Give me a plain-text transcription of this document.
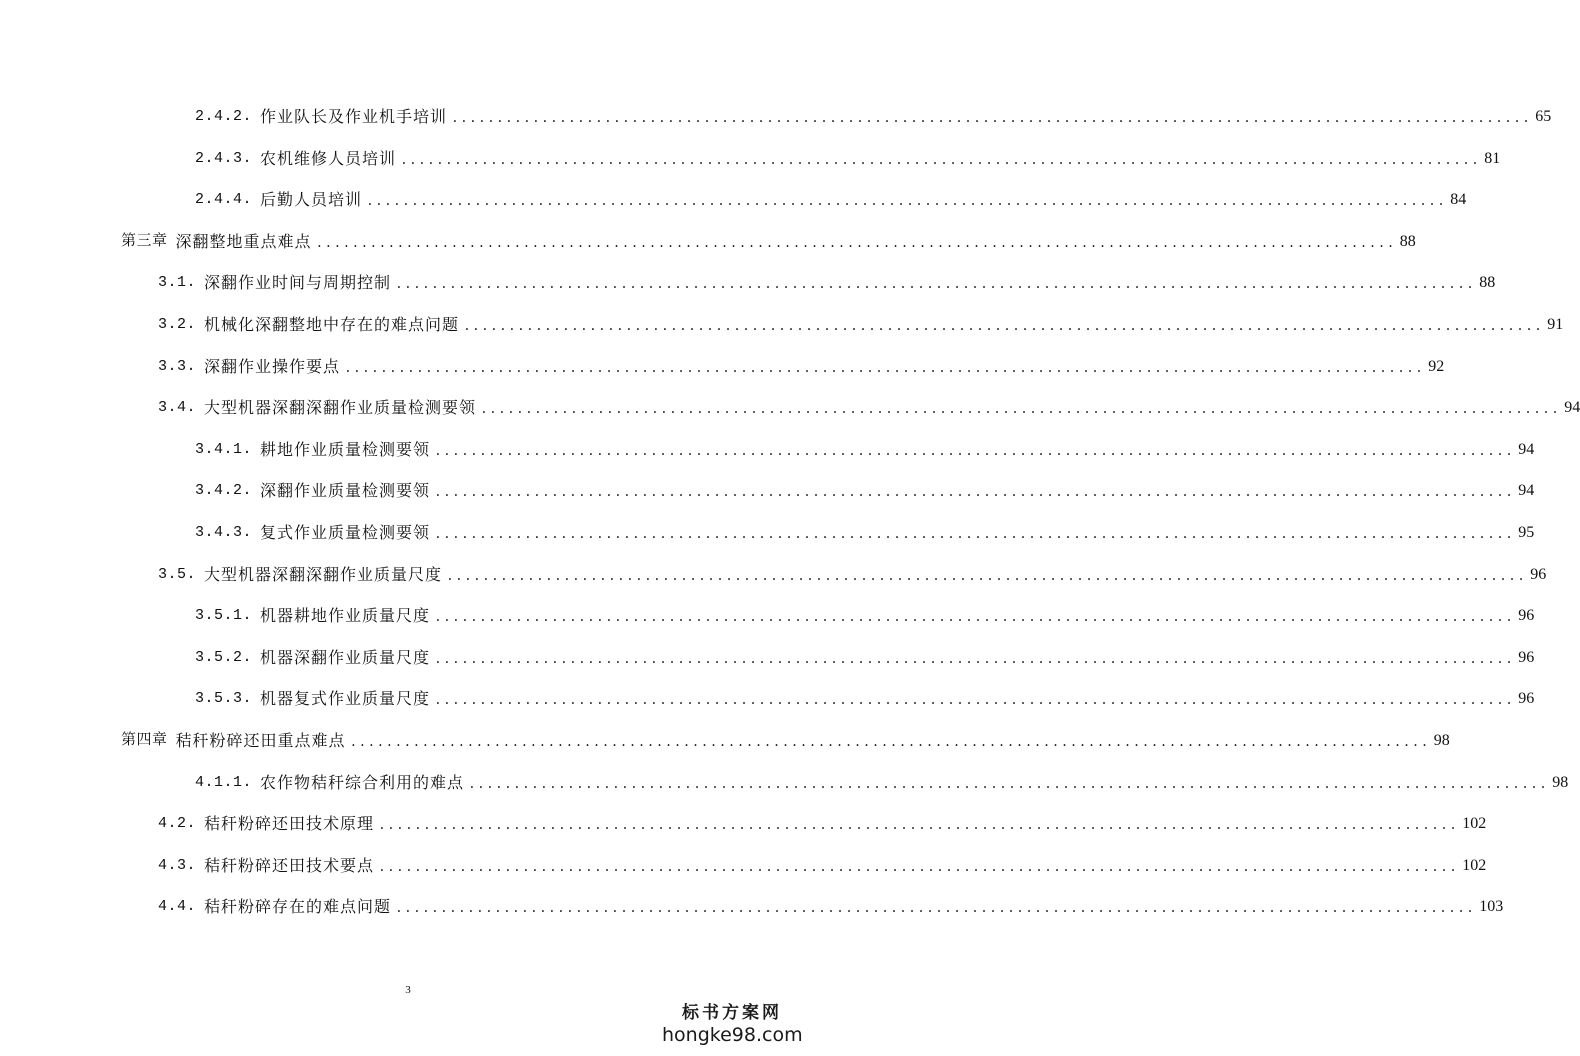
2.4.2. 作业队长及作业机手培训 ........................................................................................................................ 65
2.4.3. 农机维修人员培训 ........................................................................................................................ 81
2.4.4. 后勤人员培训 ........................................................................................................................ 84
第三章 深翻整地重点难点 ........................................................................................................................ 88
3.1. 深翻作业时间与周期控制 ........................................................................................................................ 88
3.2. 机械化深翻整地中存在的难点问题 ........................................................................................................................ 91
3.3. 深翻作业操作要点 ........................................................................................................................ 92
3.4. 大型机器深翻深翻作业质量检测要领 ........................................................................................................................ 94
3.4.1. 耕地作业质量检测要领 ........................................................................................................................ 94
3.4.2. 深翻作业质量检测要领 ........................................................................................................................ 94
3.4.3. 复式作业质量检测要领 ........................................................................................................................ 95
3.5. 大型机器深翻深翻作业质量尺度 ........................................................................................................................ 96
3.5.1. 机器耕地作业质量尺度 ........................................................................................................................ 96
3.5.2. 机器深翻作业质量尺度 ........................................................................................................................ 96
3.5.3. 机器复式作业质量尺度 ........................................................................................................................ 96
第四章 秸秆粉碎还田重点难点 ........................................................................................................................ 98
4.1.1. 农作物秸秆综合利用的难点 ........................................................................................................................ 98
4.2. 秸秆粉碎还田技术原理 ........................................................................................................................ 102
4.3. 秸秆粉碎还田技术要点 ........................................................................................................................ 102
4.4. 秸秆粉碎存在的难点问题 ........................................................................................................................ 103
3
标书方案网
hongke98.com
